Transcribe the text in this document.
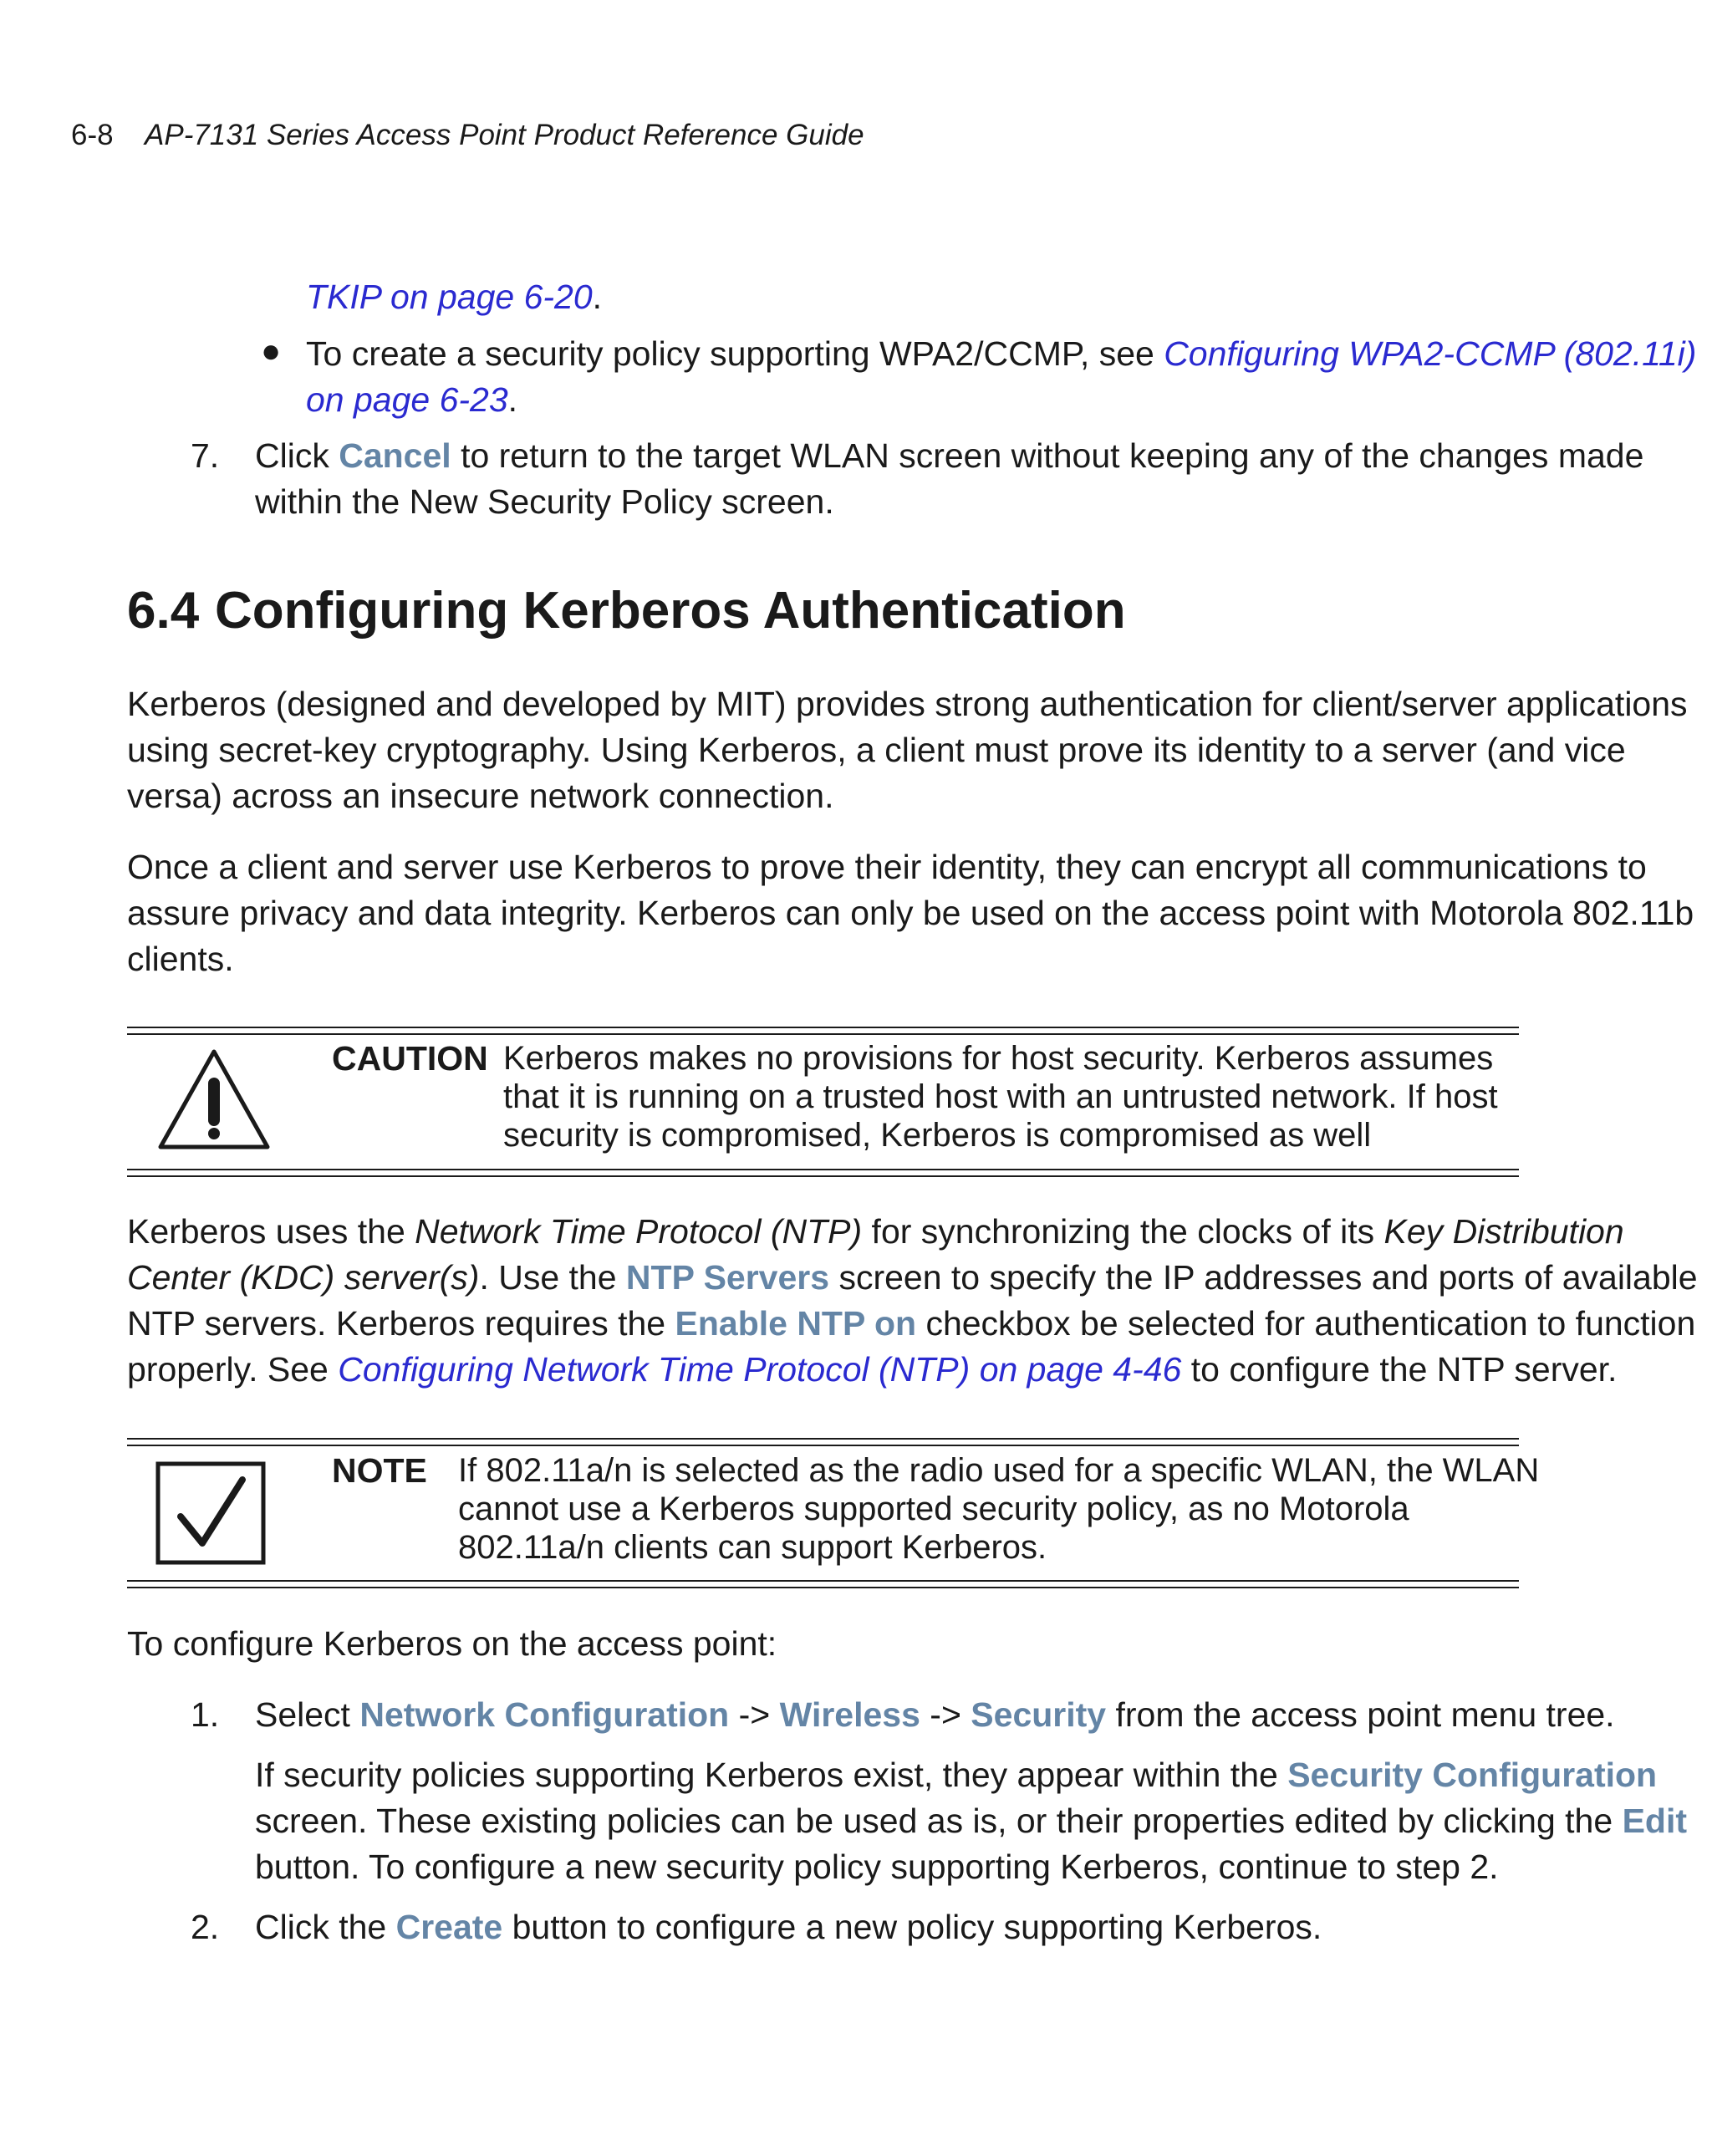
6-8 AP-7131 Series Access Point Product Reference Guide
TKIP on page 6-20.
● To create a security policy supporting WPA2/CCMP, see Configuring WPA2-CCMP (802.11i)
on page 6-23.
7. Click Cancel to return to the target WLAN screen without keeping any of the changes made
within the New Security Policy screen.
6.4 Configuring Kerberos Authentication
Kerberos (designed and developed by MIT) provides strong authentication for client/server applications
using secret-key cryptography. Using Kerberos, a client must prove its identity to a server (and vice
versa) across an insecure network connection.
Once a client and server use Kerberos to prove their identity, they can encrypt all communications to
assure privacy and data integrity. Kerberos can only be used on the access point with Motorola 802.11b
clients.
CAUTION Kerberos makes no provisions for host security. Kerberos assumes
that it is running on a trusted host with an untrusted network. If host
security is compromised, Kerberos is compromised as well
Kerberos uses the Network Time Protocol (NTP) for synchronizing the clocks of its Key Distribution
Center (KDC) server(s). Use the NTP Servers screen to specify the IP addresses and ports of available
NTP servers. Kerberos requires the Enable NTP on checkbox be selected for authentication to function
properly. See Configuring Network Time Protocol (NTP) on page 4-46 to configure the NTP server.
NOTE If 802.11a/n is selected as the radio used for a specific WLAN, the WLAN
cannot use a Kerberos supported security policy, as no Motorola
802.11a/n clients can support Kerberos.
To configure Kerberos on the access point:
1. Select Network Configuration -> Wireless -> Security from the access point menu tree.
If security policies supporting Kerberos exist, they appear within the Security Configuration
screen. These existing policies can be used as is, or their properties edited by clicking the Edit
button. To configure a new security policy supporting Kerberos, continue to step 2.
2. Click the Create button to configure a new policy supporting Kerberos.
